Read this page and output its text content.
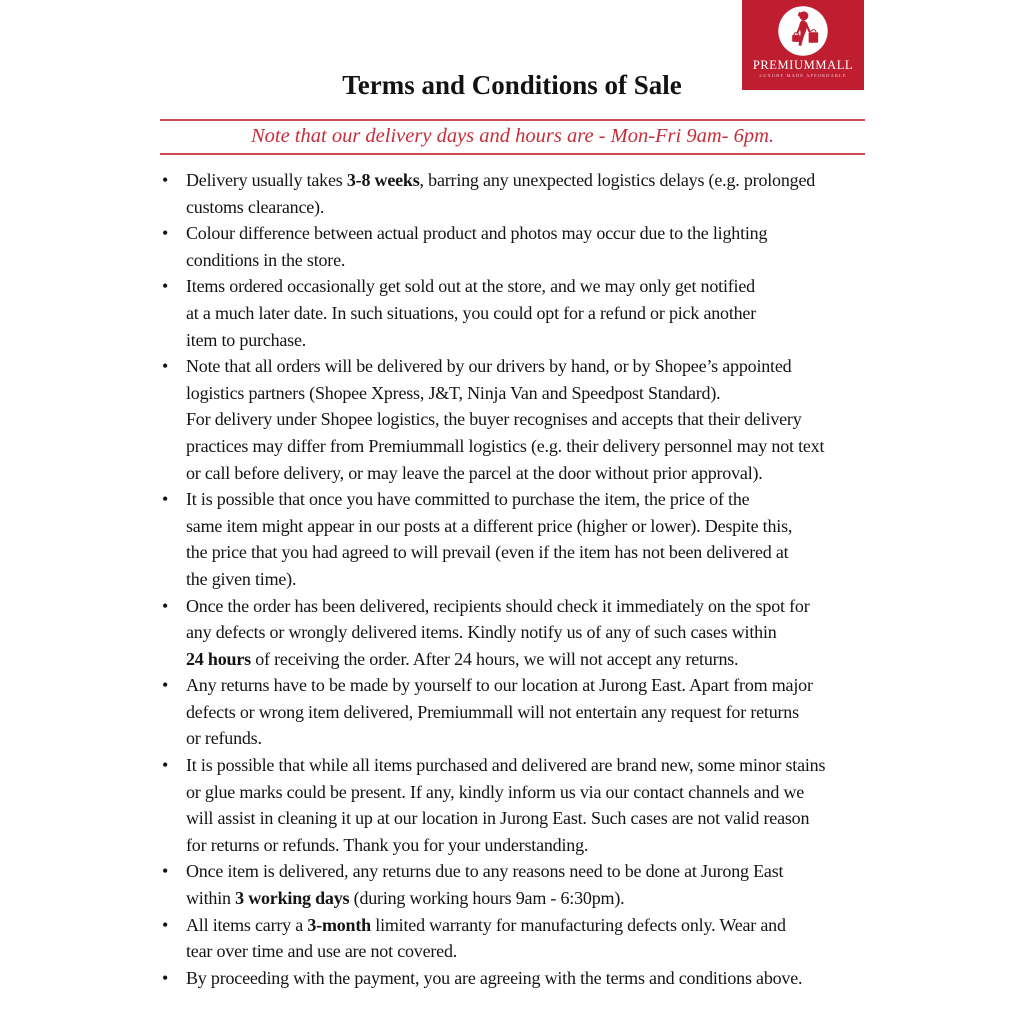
PREMIUMMALL
LUXURY MADE AFFORDABLE
Terms and Conditions of Sale
Note that our delivery days and hours are - Mon-Fri 9am- 6pm.
• Delivery usually takes 3-8 weeks, barring any unexpected logistics delays (e.g. prolonged
customs clearance).
• Colour difference between actual product and photos may occur due to the lighting
conditions in the store.
• Items ordered occasionally get sold out at the store, and we may only get notified
at a much later date. In such situations, you could opt for a refund or pick another
item to purchase.
• Note that all orders will be delivered by our drivers by hand, or by Shopee’s appointed
logistics partners (Shopee Xpress, J&T, Ninja Van and Speedpost Standard).
For delivery under Shopee logistics, the buyer recognises and accepts that their delivery
practices may differ from Premiummall logistics (e.g. their delivery personnel may not text
or call before delivery, or may leave the parcel at the door without prior approval).
• It is possible that once you have committed to purchase the item, the price of the
same item might appear in our posts at a different price (higher or lower). Despite this,
the price that you had agreed to will prevail (even if the item has not been delivered at
the given time).
• Once the order has been delivered, recipients should check it immediately on the spot for
any defects or wrongly delivered items. Kindly notify us of any of such cases within
24 hours of receiving the order. After 24 hours, we will not accept any returns.
• Any returns have to be made by yourself to our location at Jurong East. Apart from major
defects or wrong item delivered, Premiummall will not entertain any request for returns
or refunds.
• It is possible that while all items purchased and delivered are brand new, some minor stains
or glue marks could be present. If any, kindly inform us via our contact channels and we
will assist in cleaning it up at our location in Jurong East. Such cases are not valid reason
for returns or refunds. Thank you for your understanding.
• Once item is delivered, any returns due to any reasons need to be done at Jurong East
within 3 working days (during working hours 9am - 6:30pm).
• All items carry a 3-month limited warranty for manufacturing defects only. Wear and
tear over time and use are not covered.
• By proceeding with the payment, you are agreeing with the terms and conditions above.
